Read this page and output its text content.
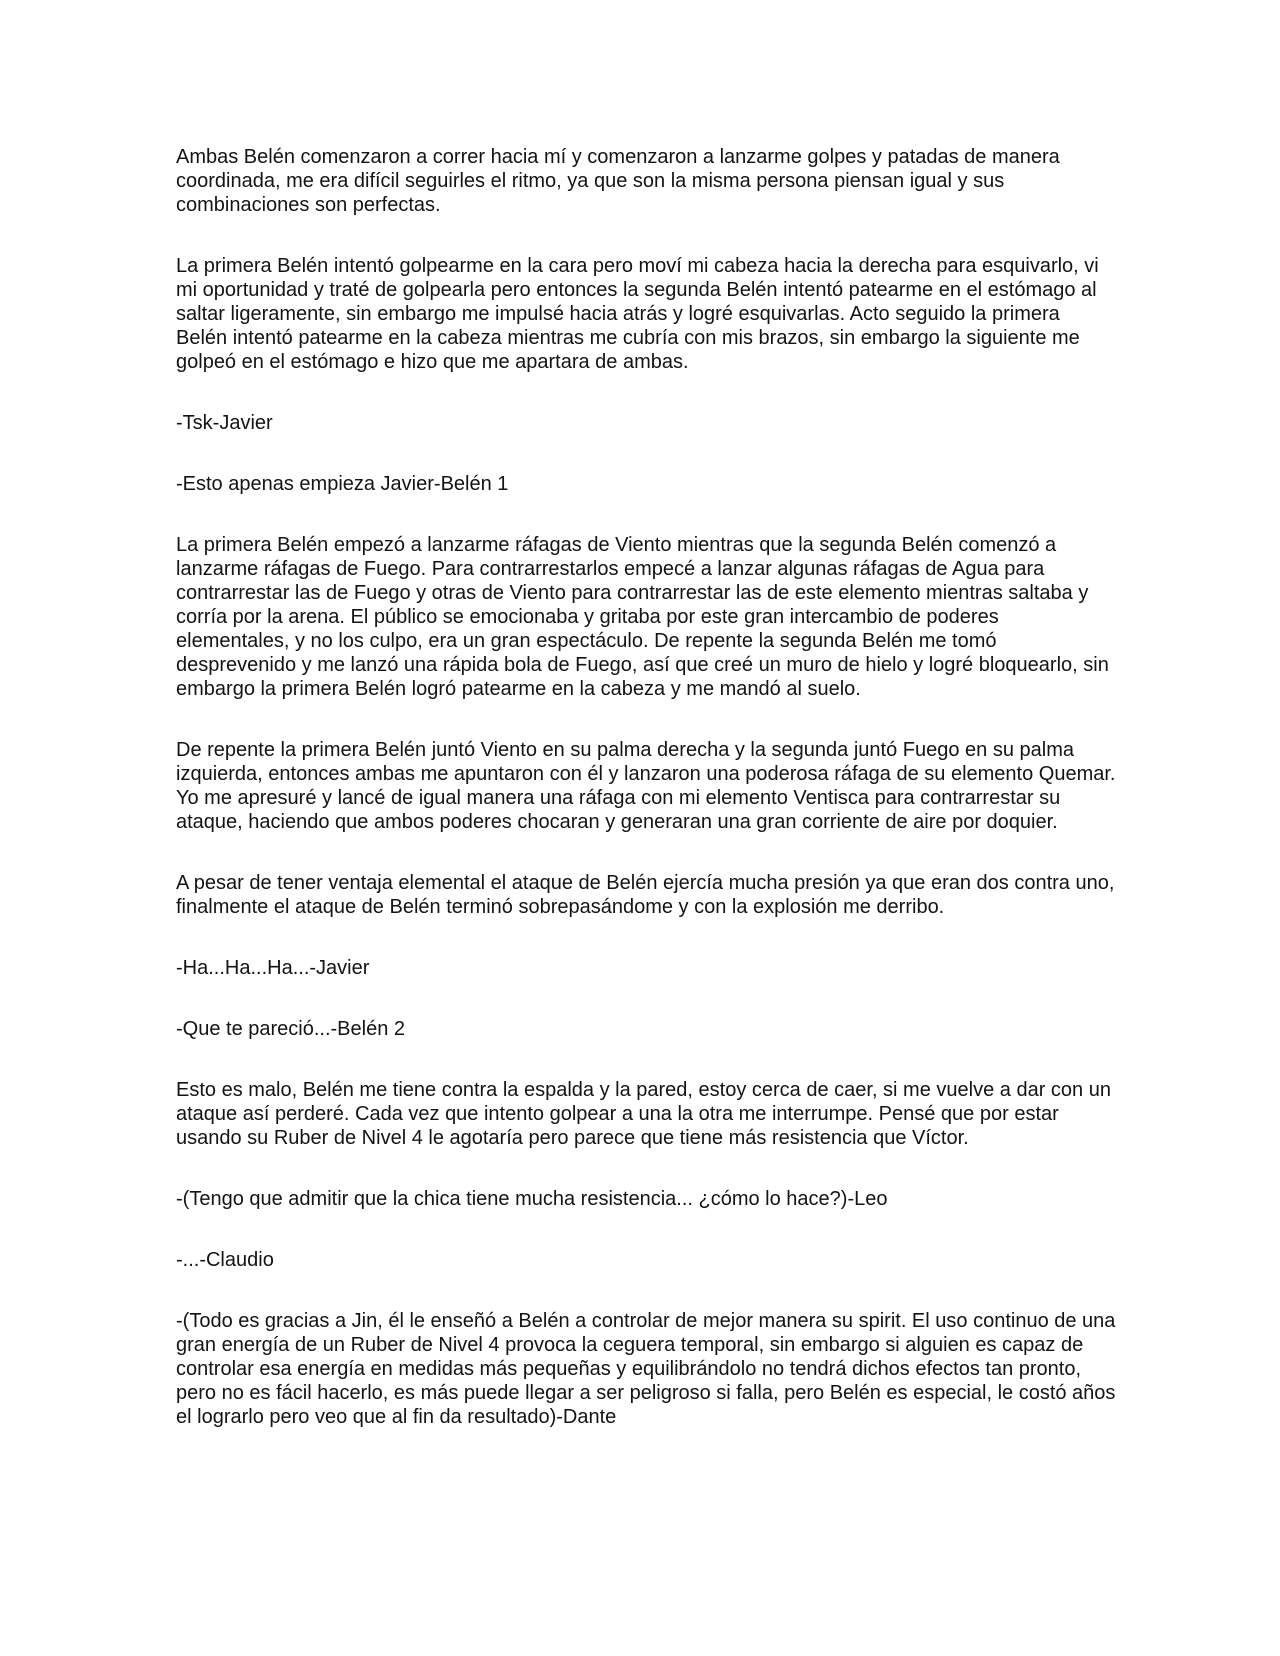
Ambas Belén comenzaron a correr hacia mí y comenzaron a lanzarme golpes y patadas de manera coordinada, me era difícil seguirles el ritmo, ya que son la misma persona piensan igual y sus combinaciones son perfectas.

La primera Belén intentó golpearme en la cara pero moví mi cabeza hacia la derecha para esquivarlo, vi mi oportunidad y traté de golpearla pero entonces la segunda Belén intentó patearme en el estómago al saltar ligeramente, sin embargo me impulsé hacia atrás y logré esquivarlas. Acto seguido la primera Belén intentó patearme en la cabeza mientras me cubría con mis brazos, sin embargo la siguiente me golpeó en el estómago e hizo que me apartara de ambas.

-Tsk-Javier

-Esto apenas empieza Javier-Belén 1

La primera Belén empezó a lanzarme ráfagas de Viento mientras que la segunda Belén comenzó a lanzarme ráfagas de Fuego. Para contrarrestarlos empecé a lanzar algunas ráfagas de Agua para contrarrestar las de Fuego y otras de Viento para contrarrestar las de este elemento mientras saltaba y corría por la arena. El público se emocionaba y gritaba por este gran intercambio de poderes elementales, y no los culpo, era un gran espectáculo. De repente la segunda Belén me tomó desprevenido y me lanzó una rápida bola de Fuego, así que creé un muro de hielo y logré bloquearlo, sin embargo la primera Belén logró patearme en la cabeza y me mandó al suelo.

De repente la primera Belén juntó Viento en su palma derecha y la segunda juntó Fuego en su palma izquierda, entonces ambas me apuntaron con él y lanzaron una poderosa ráfaga de su elemento Quemar. Yo me apresuré y lancé de igual manera una ráfaga con mi elemento Ventisca para contrarrestar su ataque, haciendo que ambos poderes chocaran y generaran una gran corriente de aire por doquier.

A pesar de tener ventaja elemental el ataque de Belén ejercía mucha presión ya que eran dos contra uno, finalmente el ataque de Belén terminó sobrepasándome y con la explosión me derribo.

-Ha...Ha...Ha...-Javier

-Que te pareció...-Belén 2

Esto es malo, Belén me tiene contra la espalda y la pared, estoy cerca de caer, si me vuelve a dar con un ataque así perderé. Cada vez que intento golpear a una la otra me interrumpe. Pensé que por estar usando su Ruber de Nivel 4 le agotaría pero parece que tiene más resistencia que Víctor.

-(Tengo que admitir que la chica tiene mucha resistencia... ¿cómo lo hace?)-Leo

-...-Claudio

-(Todo es gracias a Jin, él le enseñó a Belén a controlar de mejor manera su spirit. El uso continuo de una gran energía de un Ruber de Nivel 4 provoca la ceguera temporal, sin embargo si alguien es capaz de controlar esa energía en medidas más pequeñas y equilibrándolo no tendrá dichos efectos tan pronto, pero no es fácil hacerlo, es más puede llegar a ser peligroso si falla, pero Belén es especial, le costó años el lograrlo pero veo que al fin da resultado)-Dante
